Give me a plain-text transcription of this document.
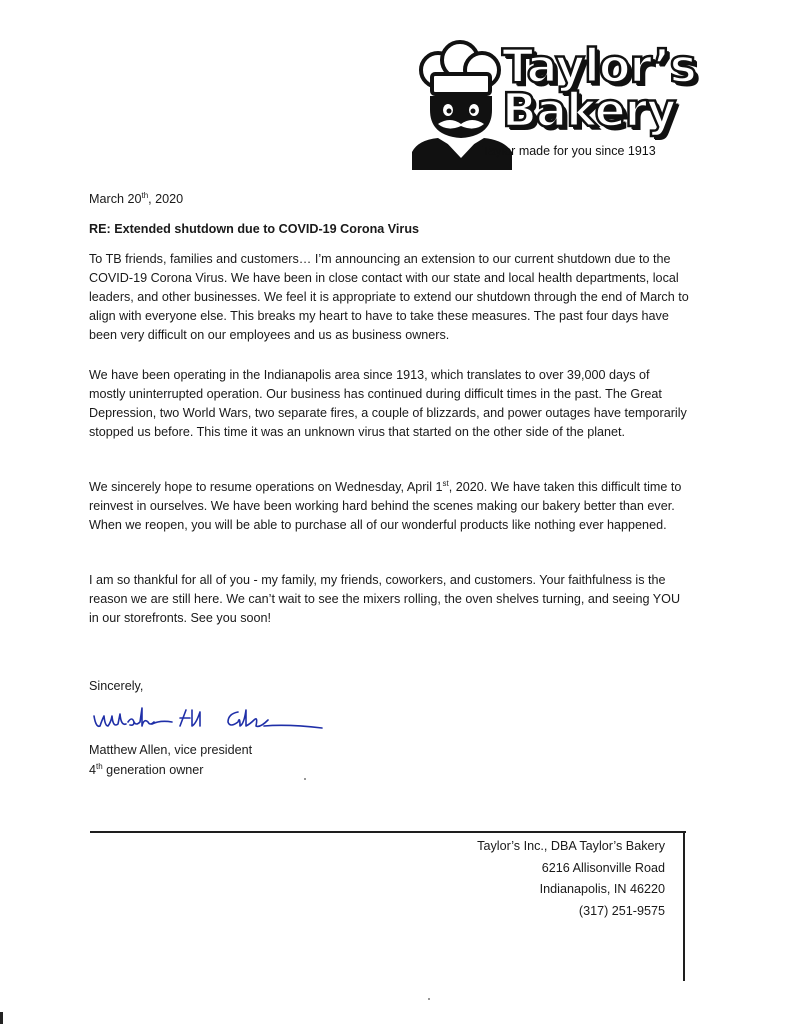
Taylor’s
Bakery
Taylor made for you since 1913
March 20th, 2020
RE: Extended shutdown due to COVID-19 Corona Virus
To TB friends, families and customers… I’m announcing an extension to our current shutdown due to the COVID-19 Corona Virus. We have been in close contact with our state and local health departments, local leaders, and other businesses. We feel it is appropriate to extend our shutdown through the end of March to align with everyone else. This breaks my heart to have to take these measures. The past four days have been very difficult on our employees and us as business owners.
We have been operating in the Indianapolis area since 1913, which translates to over 39,000 days of mostly uninterrupted operation. Our business has continued during difficult times in the past. The Great Depression, two World Wars, two separate fires, a couple of blizzards, and power outages have temporarily stopped us before. This time it was an unknown virus that started on the other side of the planet.
We sincerely hope to resume operations on Wednesday, April 1st, 2020. We have taken this difficult time to reinvest in ourselves. We have been working hard behind the scenes making our bakery better than ever. When we reopen, you will be able to purchase all of our wonderful products like nothing ever happened.
I am so thankful for all of you - my family, my friends, coworkers, and customers. Your faithfulness is the reason we are still here. We can’t wait to see the mixers rolling, the oven shelves turning, and seeing YOU in our storefronts. See you soon!
Sincerely,
Matthew Allen, vice president
4th generation owner
Taylor’s Inc., DBA Taylor’s Bakery
6216 Allisonville Road
Indianapolis, IN 46220
(317) 251-9575
